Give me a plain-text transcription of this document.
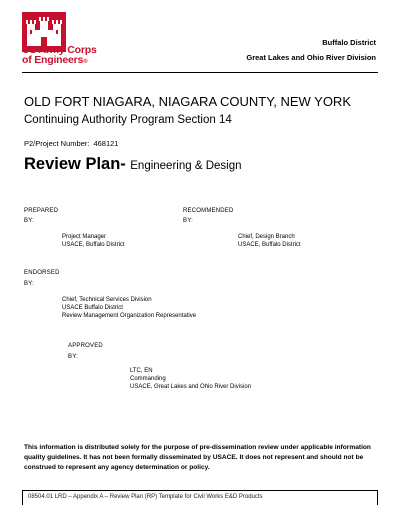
US Army Corps
of Engineers®
Buffalo District
Great Lakes and Ohio River Division
OLD FORT NIAGARA, NIAGARA COUNTY, NEW YORK
Continuing Authority Program Section 14
P2/Project Number: 468121
Review Plan- Engineering & Design
PREPARED
BY:
Project Manager
USACE, Buffalo District
RECOMMENDED
BY:
Chief, Design Branch
USACE, Buffalo District
ENDORSED
BY:
Chief, Technical Services Division
USACE Buffalo District
Review Management Organization Representative
APPROVED
BY:
LTC, EN
Commanding
USACE, Great Lakes and Ohio River Division
This information is distributed solely for the purpose of pre-dissemination review under applicable information quality guidelines. It has not been formally disseminated by USACE. It does not represent and should not be construed to represent any agency determination or policy.
08504.01 LRD – Appendix A – Review Plan (RP) Template for Civil Works E&D Products
